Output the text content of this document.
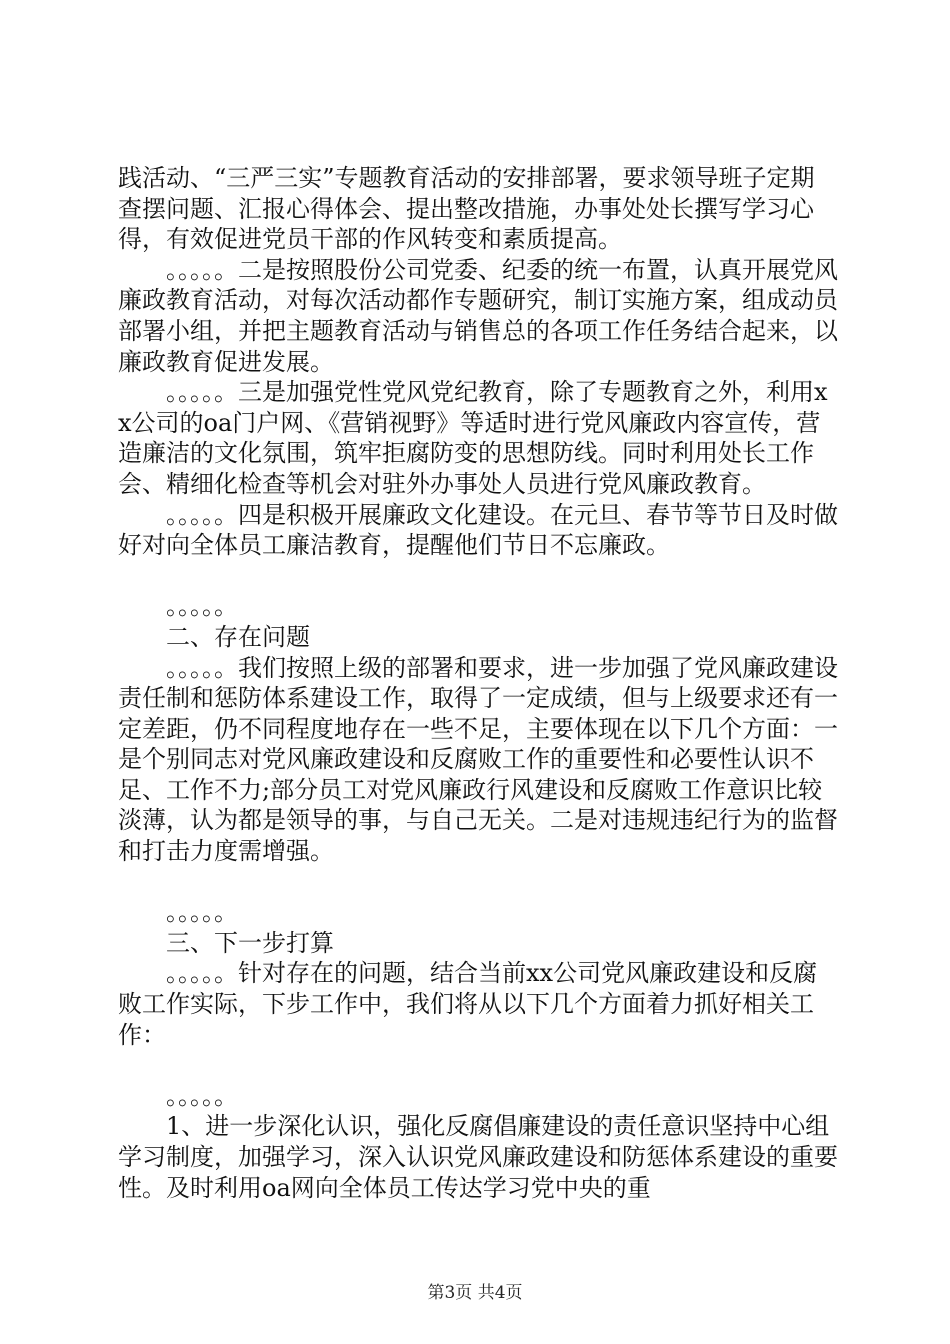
践活动、“三严三实”专题教育活动的安排部署，要求领导班子定期查摆问题、汇报心得体会、提出整改措施，办事处处长撰写学习心得，有效促进党员干部的作风转变和素质提高。

。。。。。二是按照股份公司党委、纪委的统一布置，认真开展党风廉政教育活动，对每次活动都作专题研究，制订实施方案，组成动员部署小组，并把主题教育活动与销售总的各项工作任务结合起来，以廉政教育促进发展。

。。。。。三是加强党性党风党纪教育，除了专题教育之外，利用xx公司的oa门户网、《营销视野》等适时进行党风廉政内容宣传，营造廉洁的文化氛围，筑牢拒腐防变的思想防线。同时利用处长工作会、精细化检查等机会对驻外办事处人员进行党风廉政教育。

。。。。。四是积极开展廉政文化建设。在元旦、春节等节日及时做好对向全体员工廉洁教育，提醒他们节日不忘廉政。

。。。。。

二、存在问题

。。。。。我们按照上级的部署和要求，进一步加强了党风廉政建设责任制和惩防体系建设工作，取得了一定成绩，但与上级要求还有一定差距，仍不同程度地存在一些不足，主要体现在以下几个方面：一是个别同志对党风廉政建设和反腐败工作的重要性和必要性认识不足、工作不力;部分员工对党风廉政行风建设和反腐败工作意识比较淡薄，认为都是领导的事，与自己无关。二是对违规违纪行为的监督和打击力度需增强。

。。。。。

三、下一步打算

。。。。。针对存在的问题，结合当前xx公司党风廉政建设和反腐败工作实际，下步工作中，我们将从以下几个方面着力抓好相关工作：

。。。。。

1、进一步深化认识，强化反腐倡廉建设的责任意识坚持中心组学习制度，加强学习，深入认识党风廉政建设和防惩体系建设的重要性。及时利用oa网向全体员工传达学习党中央的重

第3页 共4页
